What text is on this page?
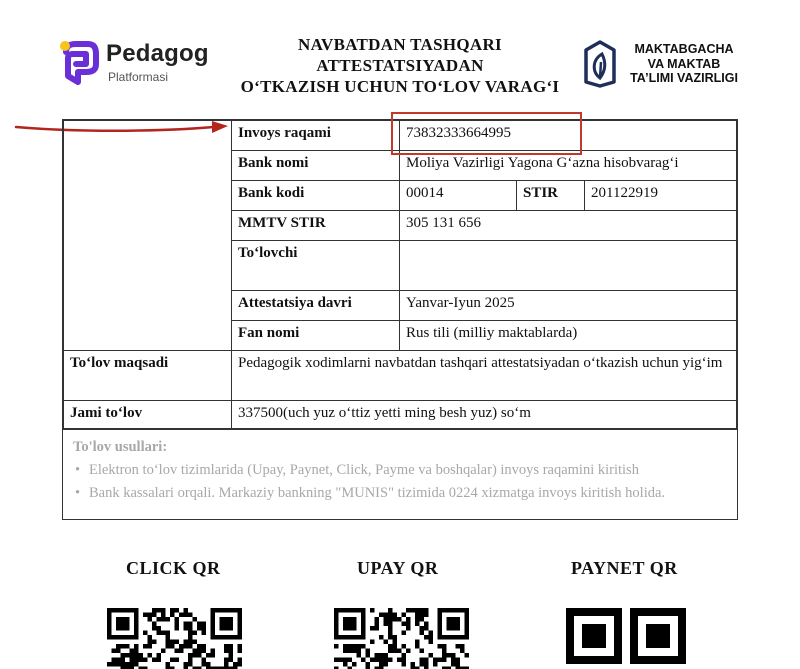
Pedagog
Platformasi
NAVBATDAN TASHQARI
ATTESTATSIYADAN
O‘TKAZISH UCHUN TO‘LOV VARAG‘I
MAKTABGACHA
VA MAKTAB
TA’LIMI VAZIRLIGI
	Invoys raqami	73832333664995		
	Bank nomi	Moliya Vazirligi Yagona G‘azna hisobvarag‘i		
	Bank kodi	00014	STIR	201122919
	MMTV STIR	305 131 656		
	To‘lovchi			
	Attestatsiya davri	Yanvar-Iyun 2025		
	Fan nomi	Rus tili (milliy maktablarda)		
To‘lov maqsadi	Pedagogik xodimlarni navbatdan tashqari attestatsiyadan o‘tkazish uchun yig‘im			
Jami to‘lov	337500(uch yuz o‘ttiz yetti ming besh yuz) so‘m			
To'lov usullari:
• Elektron to‘lov tizimlarida (Upay, Paynet, Click, Payme va boshqalar) invoys raqamini kiritish
• Bank kassalari orqali. Markaziy bankning "MUNIS" tizimida 0224 xizmatga invoys kiritish holida.
CLICK QR	UPAY QR	PAYNET QR
